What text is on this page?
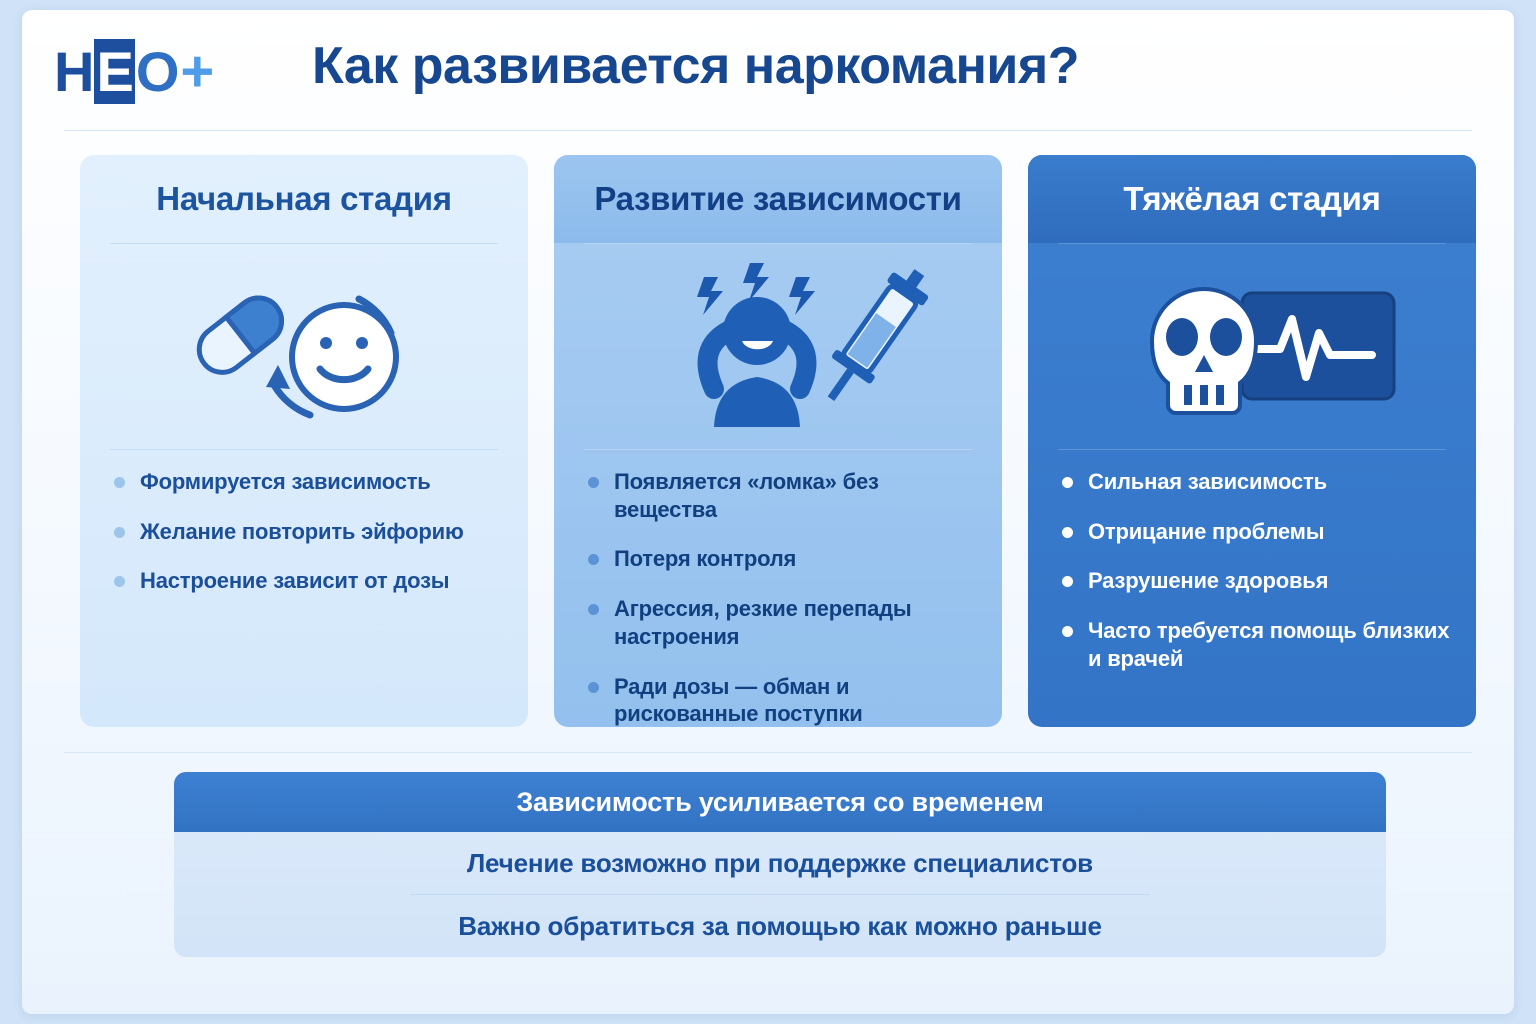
H E O + Как развивается наркомания?
Начальная стадия
Формируется зависимость
Желание повторить эйфорию
Настроение зависит от дозы
Развитие зависимости
Появляется «ломка» без вещества
Потеря контроля
Агрессия, резкие перепады настроения
Ради дозы — обман и рискованные поступки
Тяжёлая стадия
Сильная зависимость
Отрицание проблемы
Разрушение здоровья
Часто требуется помощь близких и врачей
Зависимость усиливается со временем
Лечение возможно при поддержке специалистов
Важно обратиться за помощью как можно раньше
